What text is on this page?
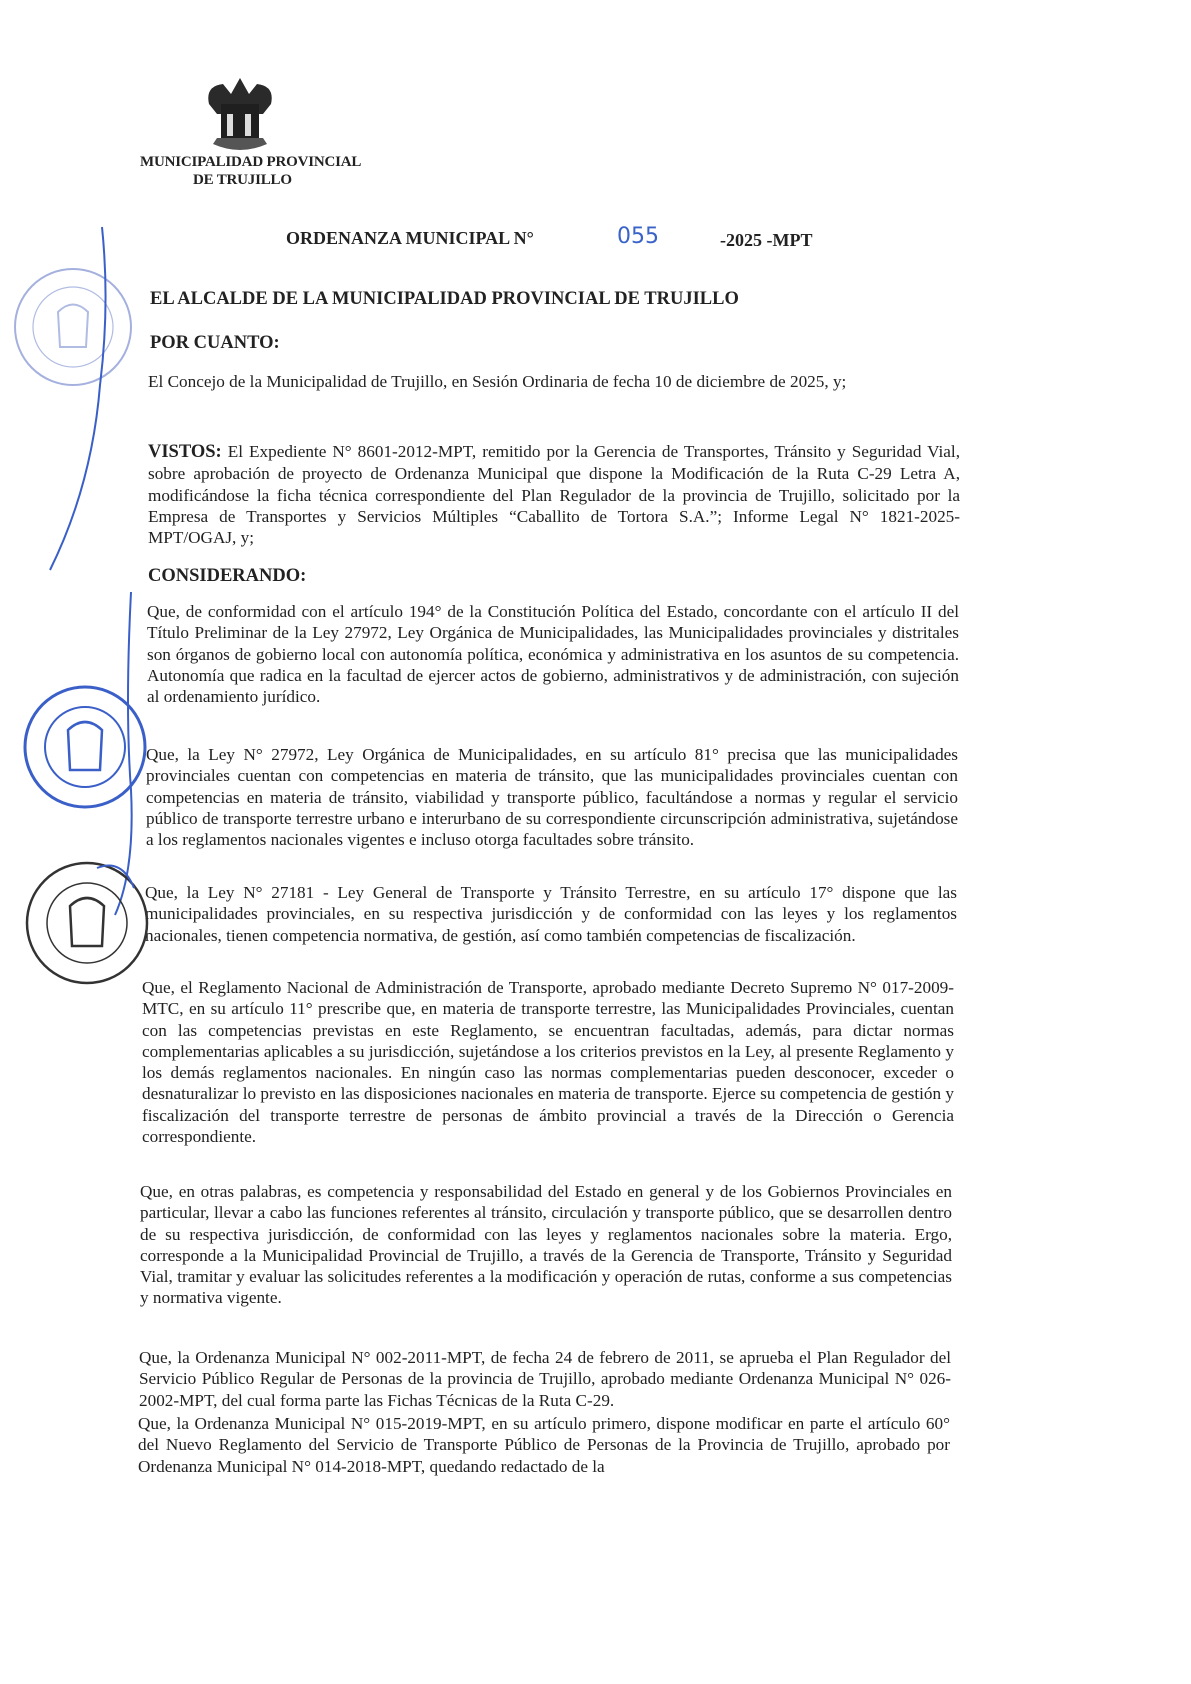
MUNICIPALIDAD PROVINCIAL
DE TRUJILLO
ORDENANZA MUNICIPAL N°	055	-2025 -MPT
EL ALCALDE DE LA MUNICIPALIDAD PROVINCIAL DE TRUJILLO
POR CUANTO:
El Concejo de la Municipalidad de Trujillo, en Sesión Ordinaria de fecha 10 de diciembre de 2025, y;
VISTOS: El Expediente N° 8601-2012-MPT, remitido por la Gerencia de Transportes, Tránsito y Seguridad Vial, sobre aprobación de proyecto de Ordenanza Municipal que dispone la Modificación de la Ruta C-29 Letra A, modificándose la ficha técnica correspondiente del Plan Regulador de la provincia de Trujillo, solicitado por la Empresa de Transportes y Servicios Múltiples “Caballito de Tortora S.A.”; Informe Legal N° 1821-2025-MPT/OGAJ, y;
CONSIDERANDO:
Que, de conformidad con el artículo 194° de la Constitución Política del Estado, concordante con el artículo II del Título Preliminar de la Ley 27972, Ley Orgánica de Municipalidades, las Municipalidades provinciales y distritales son órganos de gobierno local con autonomía política, económica y administrativa en los asuntos de su competencia. Autonomía que radica en la facultad de ejercer actos de gobierno, administrativos y de administración, con sujeción al ordenamiento jurídico.
Que, la Ley N° 27972, Ley Orgánica de Municipalidades, en su artículo 81° precisa que las municipalidades provinciales cuentan con competencias en materia de tránsito, que las municipalidades provinciales cuentan con competencias en materia de tránsito, viabilidad y transporte público, facultándose a normas y regular el servicio público de transporte terrestre urbano e interurbano de su correspondiente circunscripción administrativa, sujetándose a los reglamentos nacionales vigentes e incluso otorga facultades sobre tránsito.
Que, la Ley N° 27181 - Ley General de Transporte y Tránsito Terrestre, en su artículo 17° dispone que las municipalidades provinciales, en su respectiva jurisdicción y de conformidad con las leyes y los reglamentos nacionales, tienen competencia normativa, de gestión, así como también competencias de fiscalización.
Que, el Reglamento Nacional de Administración de Transporte, aprobado mediante Decreto Supremo N° 017-2009-MTC, en su artículo 11° prescribe que, en materia de transporte terrestre, las Municipalidades Provinciales, cuentan con las competencias previstas en este Reglamento, se encuentran facultadas, además, para dictar normas complementarias aplicables a su jurisdicción, sujetándose a los criterios previstos en la Ley, al presente Reglamento y los demás reglamentos nacionales. En ningún caso las normas complementarias pueden desconocer, exceder o desnaturalizar lo previsto en las disposiciones nacionales en materia de transporte. Ejerce su competencia de gestión y fiscalización del transporte terrestre de personas de ámbito provincial a través de la Dirección o Gerencia correspondiente.
Que, en otras palabras, es competencia y responsabilidad del Estado en general y de los Gobiernos Provinciales en particular, llevar a cabo las funciones referentes al tránsito, circulación y transporte público, que se desarrollen dentro de su respectiva jurisdicción, de conformidad con las leyes y reglamentos nacionales sobre la materia. Ergo, corresponde a la Municipalidad Provincial de Trujillo, a través de la Gerencia de Transporte, Tránsito y Seguridad Vial, tramitar y evaluar las solicitudes referentes a la modificación y operación de rutas, conforme a sus competencias y normativa vigente.
Que, la Ordenanza Municipal N° 002-2011-MPT, de fecha 24 de febrero de 2011, se aprueba el Plan Regulador del Servicio Público Regular de Personas de la provincia de Trujillo, aprobado mediante Ordenanza Municipal N° 026-2002-MPT, del cual forma parte las Fichas Técnicas de la Ruta C-29.
Que, la Ordenanza Municipal N° 015-2019-MPT, en su artículo primero, dispone modificar en parte el artículo 60° del Nuevo Reglamento del Servicio de Transporte Público de Personas de la Provincia de Trujillo, aprobado por Ordenanza Municipal N° 014-2018-MPT, quedando redactado de la
